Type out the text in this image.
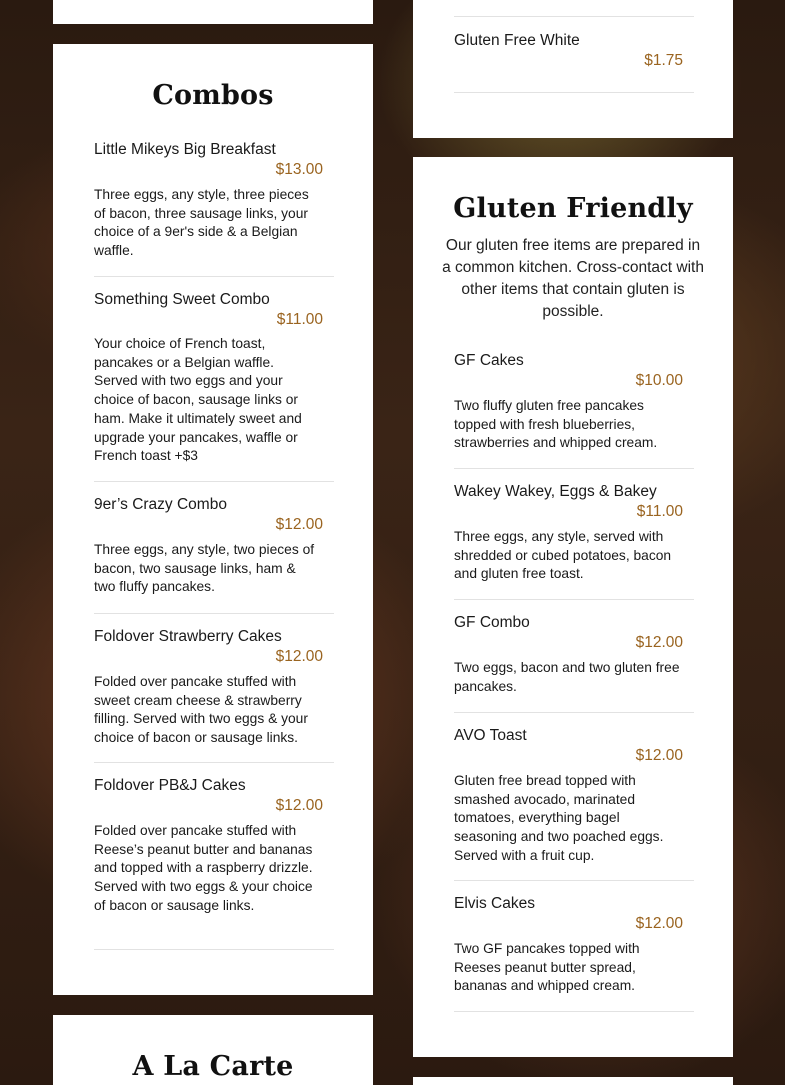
Combos

Little Mikeys Big Breakfast

$13.00

Three eggs, any style, three pieces of bacon, three sausage links, your choice of a 9er's side & a Belgian waffle.

Something Sweet Combo

$11.00

Your choice of French toast, pancakes or a Belgian waffle. Served with two eggs and your choice of bacon, sausage links or ham. Make it ultimately sweet and upgrade your pancakes, waffle or French toast +$3

9er’s Crazy Combo

$12.00

Three eggs, any style, two pieces of bacon, two sausage links, ham & two fluffy pancakes.

Foldover Strawberry Cakes

$12.00

Folded over pancake stuffed with sweet cream cheese & strawberry filling. Served with two eggs & your choice of bacon or sausage links.

Foldover PB&J Cakes

$12.00

Folded over pancake stuffed with Reese’s peanut butter and bananas and topped with a raspberry drizzle. Served with two eggs & your choice of bacon or sausage links.

A La Carte

Gluten Free White

$1.75

Gluten Friendly

Our gluten free items are prepared in a common kitchen. Cross-contact with other items that contain gluten is possible.

GF Cakes

$10.00

Two fluffy gluten free pancakes topped with fresh blueberries, strawberries and whipped cream.

Wakey Wakey, Eggs & Bakey

$11.00

Three eggs, any style, served with shredded or cubed potatoes, bacon and gluten free toast.

GF Combo

$12.00

Two eggs, bacon and two gluten free pancakes.

AVO Toast

$12.00

Gluten free bread topped with smashed avocado, marinated tomatoes, everything bagel seasoning and two poached eggs. Served with a fruit cup.

Elvis Cakes

$12.00

Two GF pancakes topped with Reeses peanut butter spread, bananas and whipped cream.
